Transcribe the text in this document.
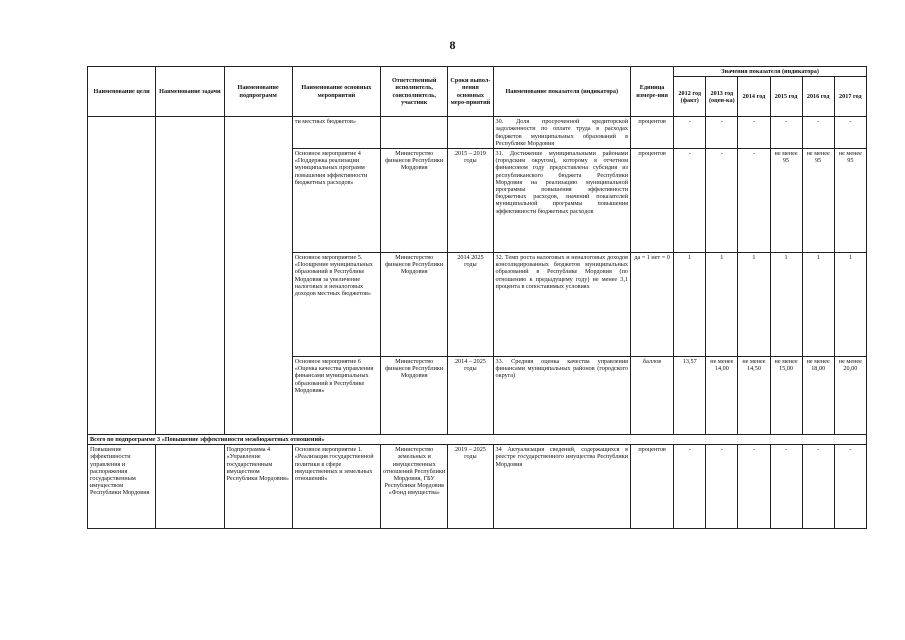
8
Наименование цели	Наименование задачи	Наименование подпрограмм	Наименование основных мероприятий	Ответственный исполнитель, соисполнитель, участник	Сроки выпол-нения основных меро-приятий	Наименование показателя (индикатора)	Единица измере-ния	Значения показателя (индикатора)					
								2012 год (факт)	2013 год (оцен-ка)	2014 год	2015 год	2016 год	2017 год
			ти местных бюджетов»			30. Доля просроченной кредиторской задолженности по оплате труда в расходах бюджетов муниципальных образований в Республике Мордовия	процентов	-	-	-	-	-	-
			Основное мероприятие 4 «Поддержка реализации муниципальных программ повышения эффективности бюджетных расходов»	Министерство финансов Республики Мордовия	2015 – 2019 годы	31. Достижение муниципальными районами (городским округом), которому в отчетном финансовом году предоставлена субсидия из республиканского бюджета Республики Мордовия на реализацию муниципальной программы повышения эффективности бюджетных расходов, значений показателей муниципальной программы повышения эффективности бюджетных расходов	процентов	-	-	-	не менее 95	не менее 95	не менее 95
			Основное мероприятие 5. «Поощрение муниципальных образований в Республике Мордовия за увеличение налоговых и неналоговых доходов местных бюджетов»	Министерство финансов Республики Мордовия	2014 2025 годы	32. Темп роста налоговых и неналоговых доходов консолидированных бюджетов муниципальных образований в Республике Мордовия (по отношению к предыдущему году) не менее 3,1 процента в сопоставимых условиях	да = 1 нет = 0	1	1	1	1	1	1
			Основное мероприятие 6 «Оценка качества управления финансами муниципальных образований в Республике Мордовия»	Министерство финансов Республики Мордовия	2014 – 2025 годы	33. Средняя оценка качества управления финансами муниципальных районов (городского округа)	баллов	13,57	не менее 14,00	не менее 14,50	не менее 15,00	не менее 18,00	не менее 20,00
Всего по подпрограмме 3 «Повышение эффективности межбюджетных отношений»													
Повышение эффективности управления и распоряжения государственным имуществом Республики Мордовия		Подпрограмма 4 «Управление государственным имуществом Республики Мордовия»	Основное мероприятие 1. «Реализация государственной политики в сфере имущественных и земельных отношений»	Министерство земельных и имущественных отношений Республики Мордовия, ГБУ Республики Мордовия «Фонд имущества»	2019 – 2025 годы	34 Актуализация сведений, содержащихся в реестре государственного имущества Республики Мордовия	процентов	-	-	-	-	-	-
